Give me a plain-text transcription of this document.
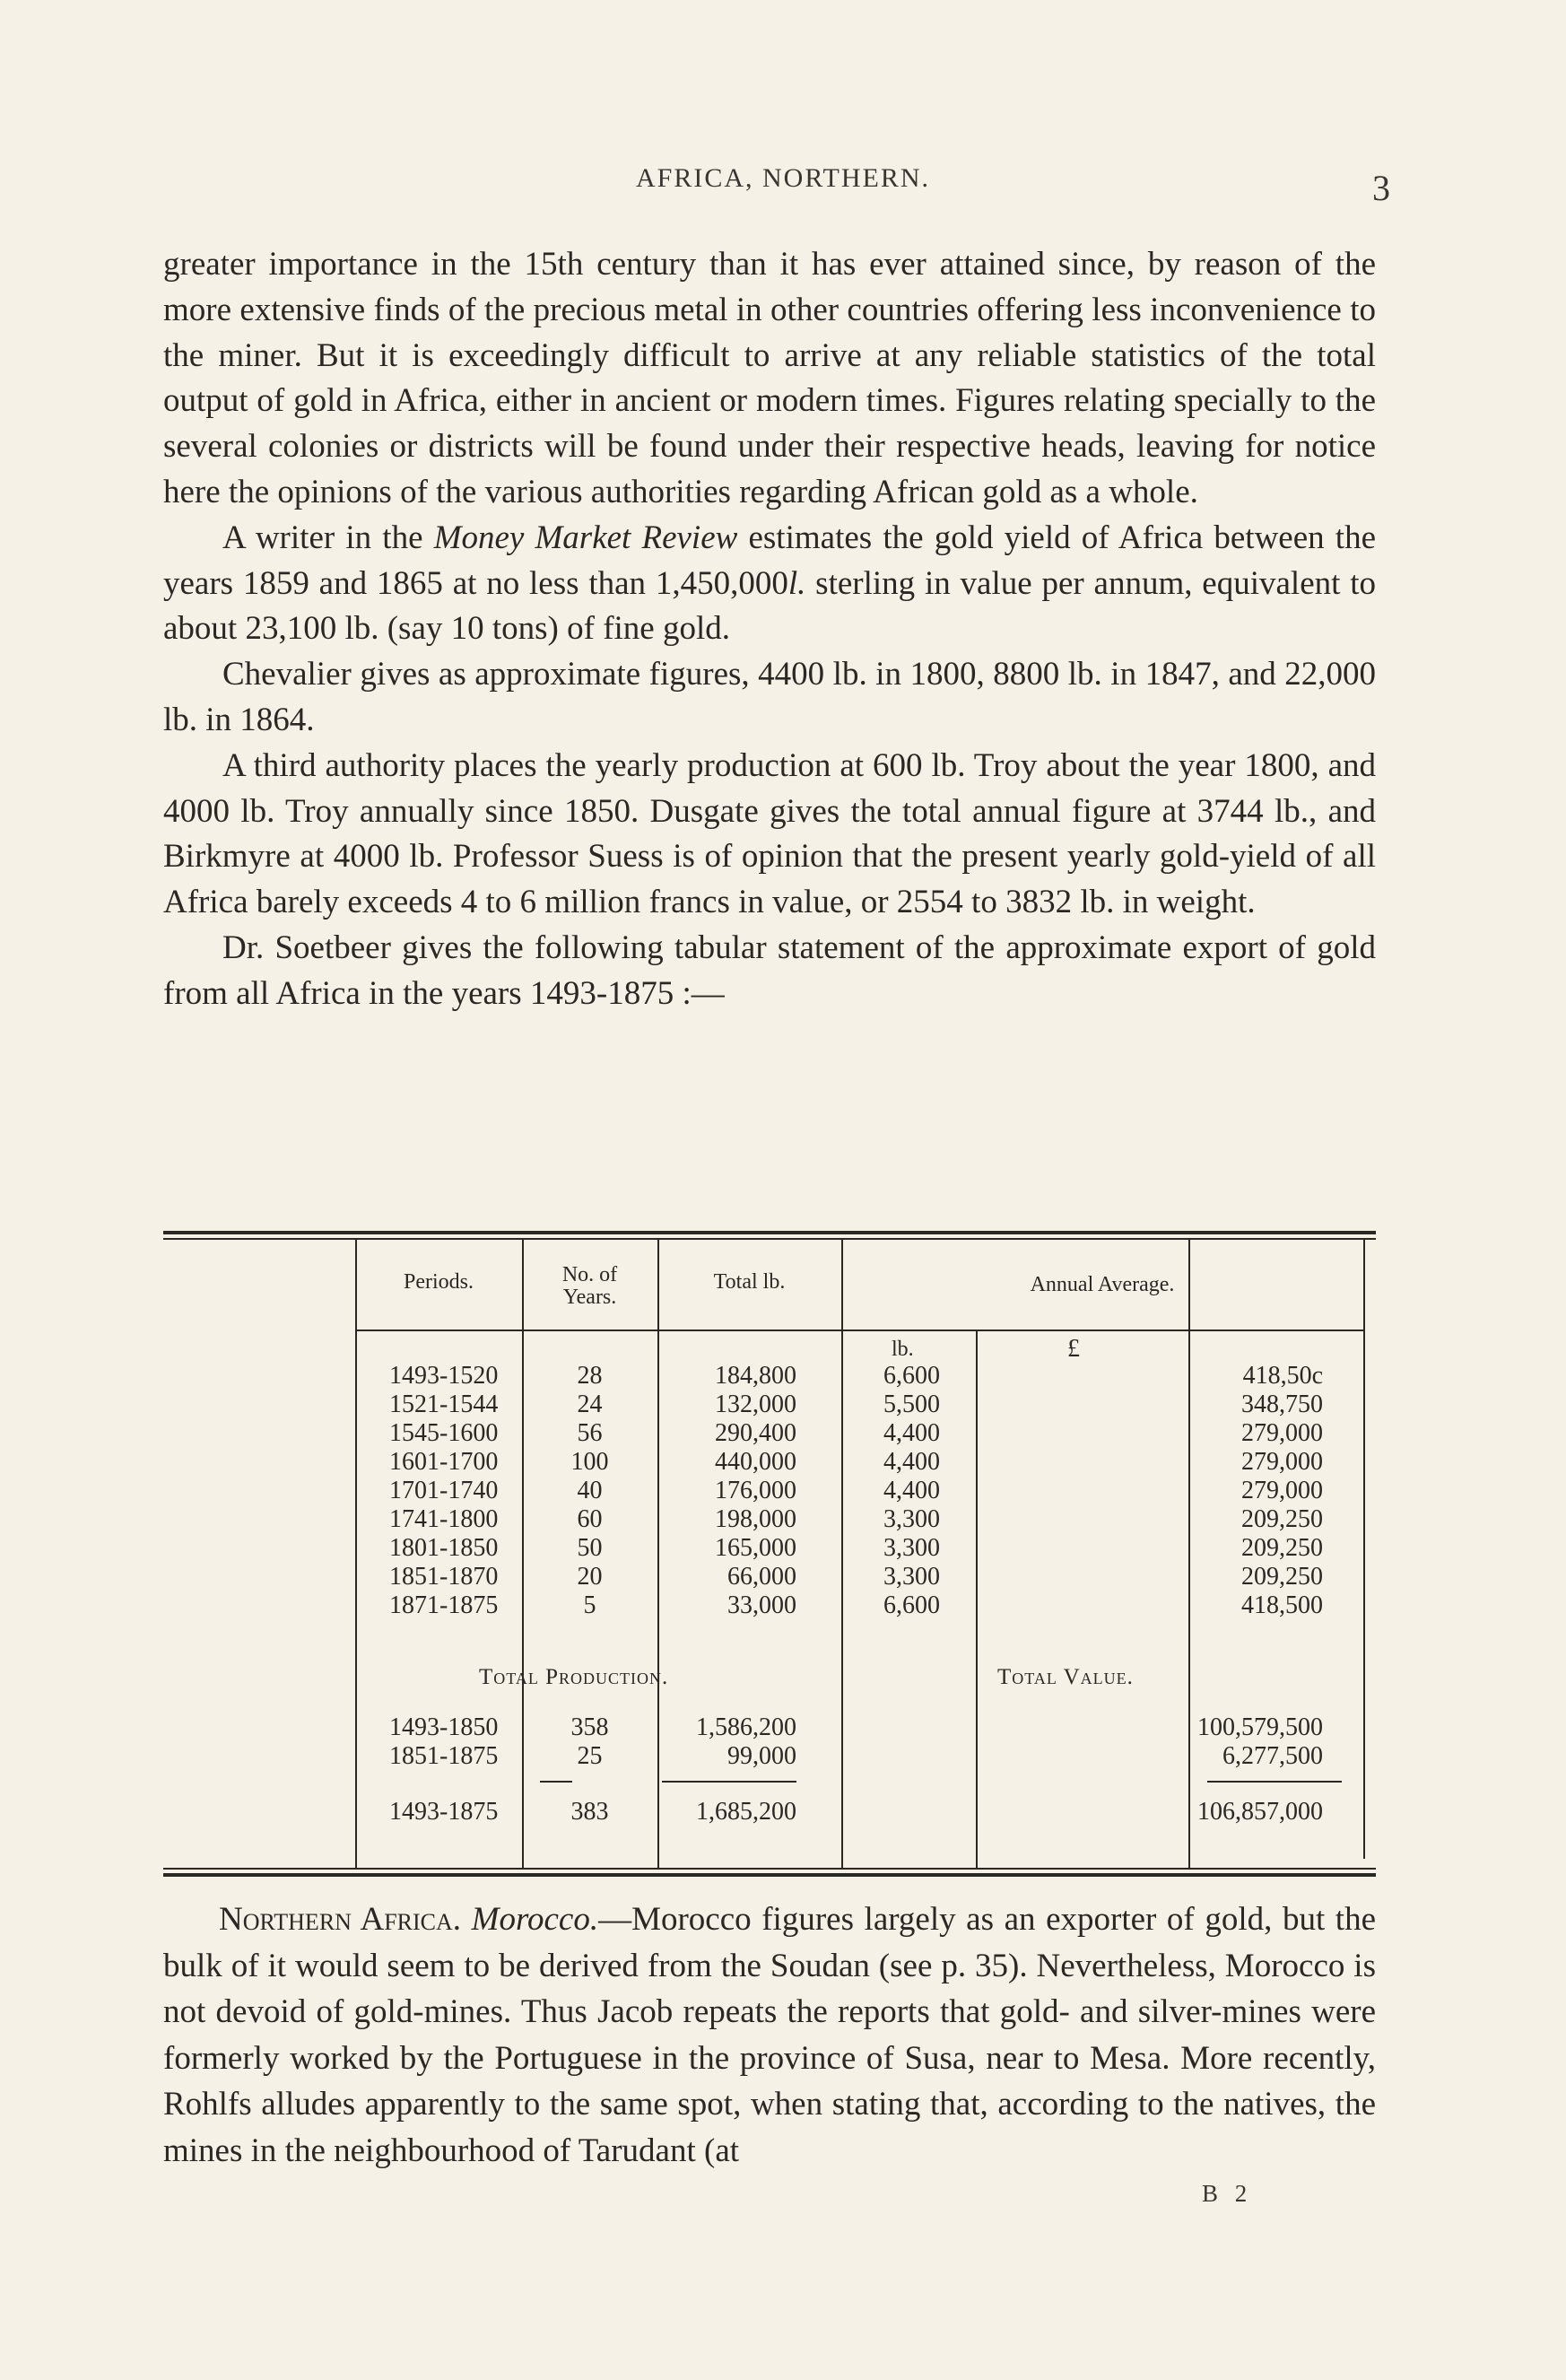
AFRICA, NORTHERN.	3

greater importance in the 15th century than it has ever attained since, by reason of the more extensive finds of the precious metal in other countries offering less inconvenience to the miner. But it is exceedingly difficult to arrive at any reliable statistics of the total output of gold in Africa, either in ancient or modern times. Figures relating specially to the several colonies or districts will be found under their respective heads, leaving for notice here the opinions of the various authorities regarding African gold as a whole.

A writer in the Money Market Review estimates the gold yield of Africa between the years 1859 and 1865 at no less than 1,450,000l. sterling in value per annum, equivalent to about 23,100 lb. (say 10 tons) of fine gold.

Chevalier gives as approximate figures, 4400 lb. in 1800, 8800 lb. in 1847, and 22,000 lb. in 1864.

A third authority places the yearly production at 600 lb. Troy about the year 1800, and 4000 lb. Troy annually since 1850. Dusgate gives the total annual figure at 3744 lb., and Birkmyre at 4000 lb. Professor Suess is of opinion that the present yearly gold-yield of all Africa barely exceeds 4 to 6 million francs in value, or 2554 to 3832 lb. in weight.

Dr. Soetbeer gives the following tabular statement of the approximate export of gold from all Africa in the years 1493-1875 :—

Periods.	No. of
Years.
Total lb.	Annual Average.
lb.	£
1493-1520	28	184,800	6,600	418,50c
1521-1544	24	132,000	5,500	348,750
1545-1600	56	290,400	4,400	279,000
1601-1700	100	440,000	4,400	279,000
1701-1740	40	176,000	4,400	279,000
1741-1800	60	198,000	3,300	209,250
1801-1850	50	165,000	3,300	209,250
1851-1870	20	66,000	3,300	209,250
1871-1875	5	33,000	6,600	418,500
Total Production.	Total Value.
1493-1850	358	1,586,200	100,579,500
1851-1875	25	99,000	6,277,500
1493-1875	383	1,685,200	106,857,000

Northern Africa. Morocco.—Morocco figures largely as an exporter of gold, but the bulk of it would seem to be derived from the Soudan (see p. 35). Nevertheless, Morocco is not devoid of gold-mines. Thus Jacob repeats the reports that gold- and silver-mines were formerly worked by the Portuguese in the province of Susa, near to Mesa. More recently, Rohlfs alludes apparently to the same spot, when stating that, according to the natives, the mines in the neighbourhood of Tarudant (at

B 2
